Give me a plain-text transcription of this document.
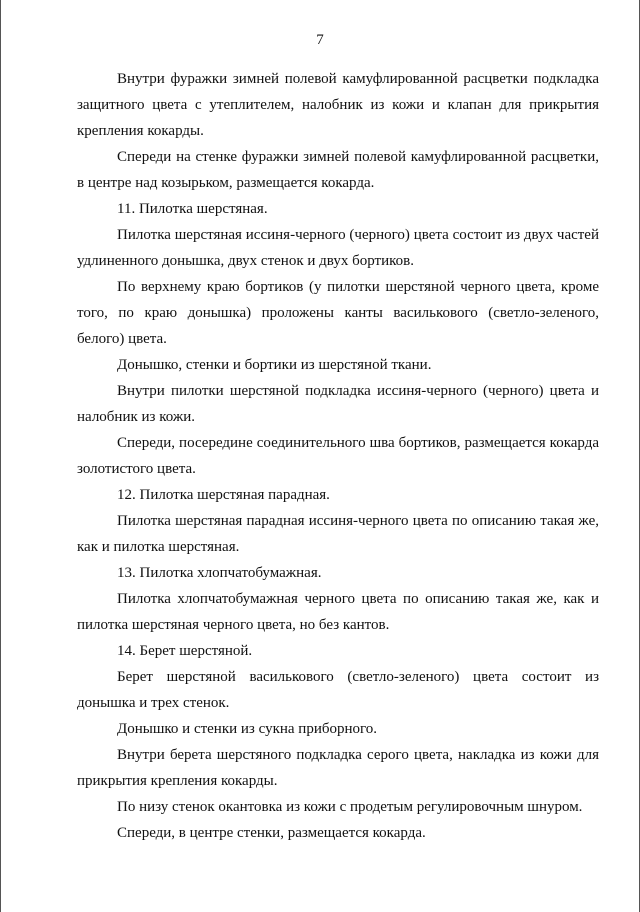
7

Внутри фуражки зимней полевой камуфлированной расцветки подкладка защитного цвета с утеплителем, налобник из кожи и клапан для прикрытия крепления кокарды.

Спереди на стенке фуражки зимней полевой камуфлированной расцветки, в центре над козырьком, размещается кокарда.

11. Пилотка шерстяная.

Пилотка шерстяная иссиня-черного (черного) цвета состоит из двух частей удлиненного донышка, двух стенок и двух бортиков.

По верхнему краю бортиков (у пилотки шерстяной черного цвета, кроме того, по краю донышка) проложены канты василькового (светло-зеленого, белого) цвета.

Донышко, стенки и бортики из шерстяной ткани.

Внутри пилотки шерстяной подкладка иссиня-черного (черного) цвета и налобник из кожи.

Спереди, посередине соединительного шва бортиков, размещается кокарда золотистого цвета.

12. Пилотка шерстяная парадная.

Пилотка шерстяная парадная иссиня-черного цвета по описанию такая же, как и пилотка шерстяная.

13. Пилотка хлопчатобумажная.

Пилотка хлопчатобумажная черного цвета по описанию такая же, как и пилотка шерстяная черного цвета, но без кантов.

14. Берет шерстяной.

Берет шерстяной василькового (светло-зеленого) цвета состоит из донышка и трех стенок.

Донышко и стенки из сукна приборного.

Внутри берета шерстяного подкладка серого цвета, накладка из кожи для прикрытия крепления кокарды.

По низу стенок окантовка из кожи с продетым регулировочным шнуром.

Спереди, в центре стенки, размещается кокарда.
